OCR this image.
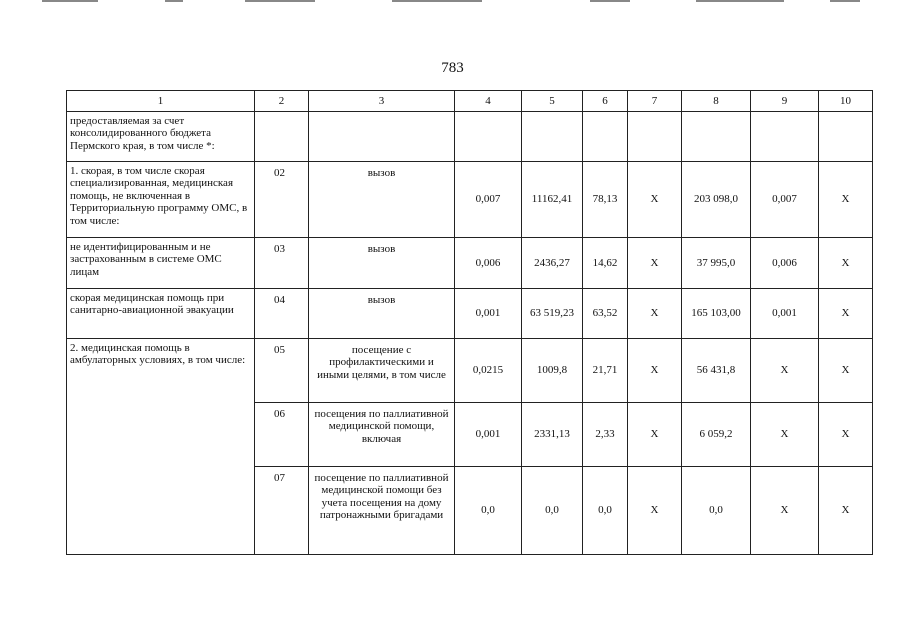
783
1	2	3	4	5	6	7	8	9	10
предоставляемая за счет консолидированного бюджета Пермского края, в том числе *:									
1. скорая, в том числе скорая специализированная, медицинская помощь, не включенная в Территориальную программу ОМС, в том числе:	02	вызов	0,007	11162,41	78,13	Х	203 098,0	0,007	Х
не идентифицированным и не застрахованным в системе ОМС лицам	03	вызов	0,006	2436,27	14,62	Х	37 995,0	0,006	Х
скорая медицинская помощь при санитарно-авиационной эвакуации	04	вызов	0,001	63 519,23	63,52	Х	165 103,00	0,001	Х
2. медицинская помощь в амбулаторных условиях, в том числе:	05	посещение с профилактическими и иными целями, в том числе	0,0215	1009,8	21,71	Х	56 431,8	Х	Х
	06	посещения по паллиативной медицинской помощи, включая	0,001	2331,13	2,33	Х	6 059,2	Х	Х
	07	посещение по паллиативной медицинской помощи без учета посещения на дому патронажными бригадами	0,0	0,0	0,0	Х	0,0	Х	Х
